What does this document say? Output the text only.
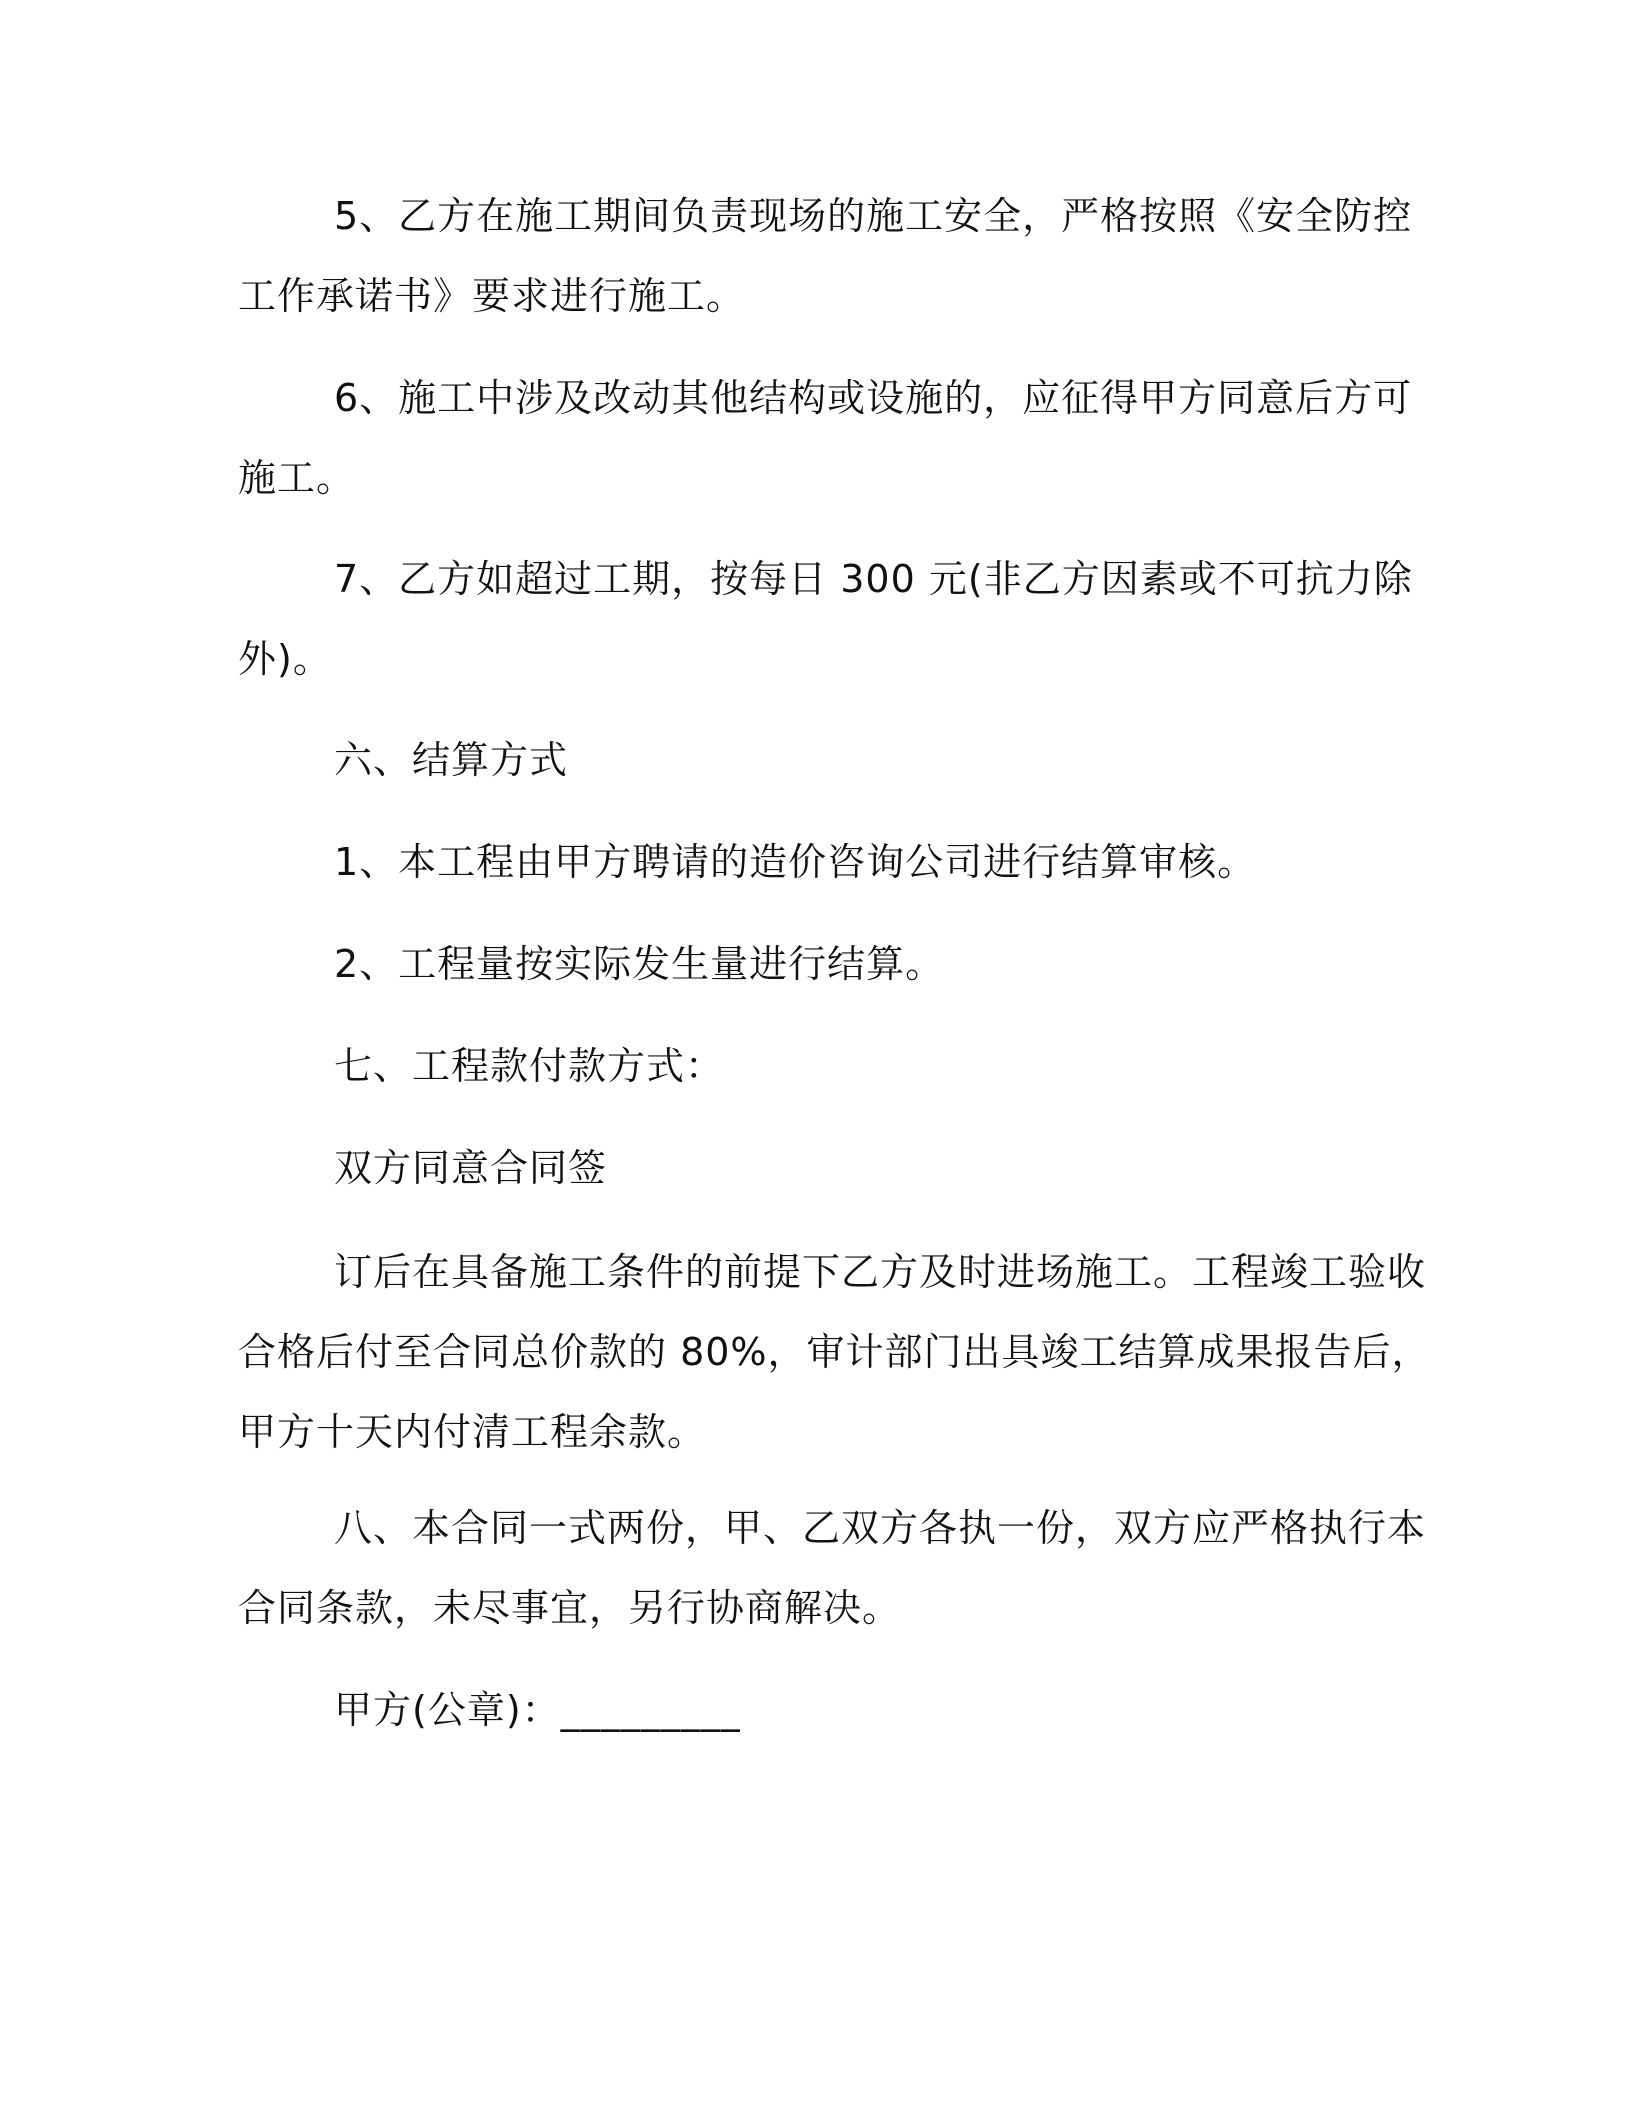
5、乙方在施工期间负责现场的施工安全，严格按照《安全防控
工作承诺书》要求进行施工。
6、施工中涉及改动其他结构或设施的，应征得甲方同意后方可
施工。
7、乙方如超过工期，按每日 300 元(非乙方因素或不可抗力除
外)。
六、结算方式
1、本工程由甲方聘请的造价咨询公司进行结算审核。
2、工程量按实际发生量进行结算。
七、工程款付款方式：
双方同意合同签
订后在具备施工条件的前提下乙方及时进场施工。工程竣工验收
合格后付至合同总价款的 80%，审计部门出具竣工结算成果报告后，
甲方十天内付清工程余款。
八、本合同一式两份，甲、乙双方各执一份，双方应严格执行本
合同条款，未尽事宜，另行协商解决。
甲方(公章)：_________
